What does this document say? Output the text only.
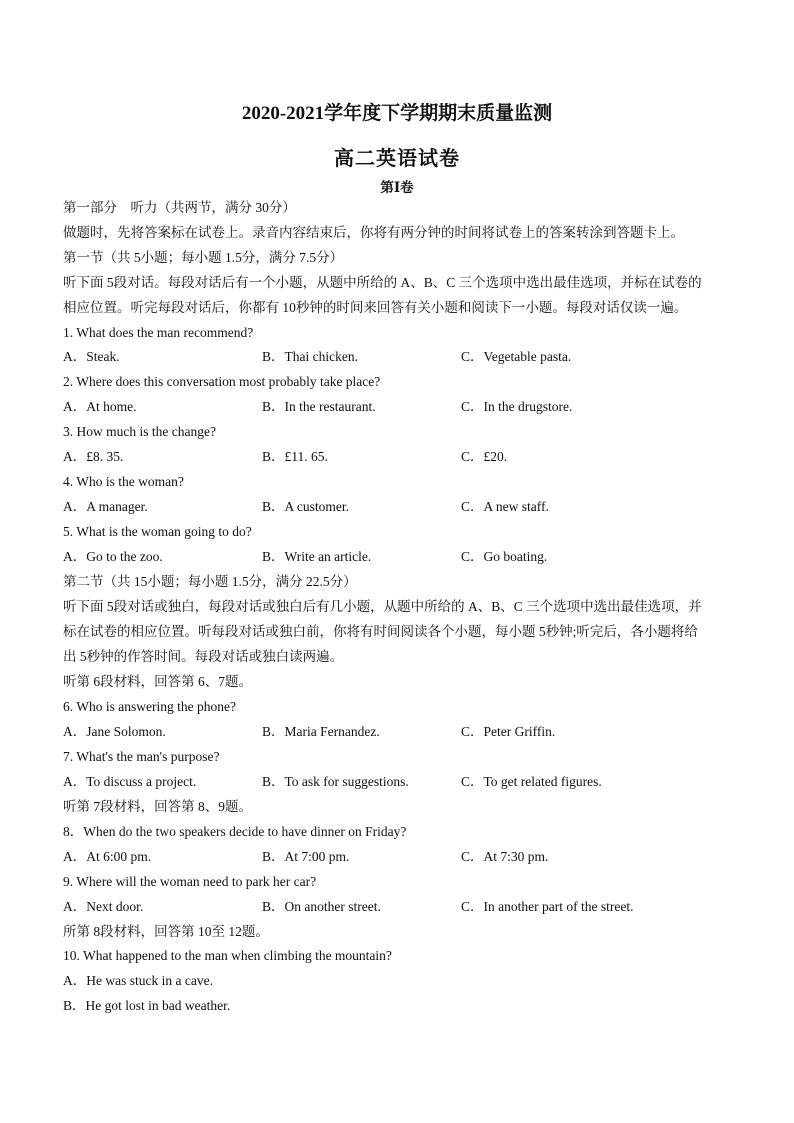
2020-2021学年度下学期期末质量监测
高二英语试卷
第Ⅰ卷
第一部分　听力（共两节，满分 30分）
做题时，先将答案标在试卷上。录音内容结束后，你将有两分钟的时间将试卷上的答案转涂到答题卡上。
第一节（共 5小题；每小题 1.5分，满分 7.5分）
听下面 5段对话。每段对话后有一个小题，从题中所给的 A、B、C 三个选项中选出最佳选项，并标在试卷的
相应位置。听完每段对话后，你都有 10秒钟的时间来回答有关小题和阅读下一小题。每段对话仅读一遍。
1. What does the man recommend?
A．Steak.	B．Thai chicken.	C．Vegetable pasta.
2. Where does this conversation most probably take place?
A．At home.	B．In the restaurant.	C．In the drugstore.
3. How much is the change?
A．£8. 35.	B．£11. 65.	C．£20.
4. Who is the woman?
A．A manager.	B．A customer.	C．A new staff.
5. What is the woman going to do?
A．Go to the zoo.	B．Write an article.	C．Go boating.
第二节（共 15小题；每小题 1.5分，满分 22.5分）
听下面 5段对话或独白，每段对话或独白后有几小题，从题中所给的 A、B、C 三个选项中选出最佳选项，并
标在试卷的相应位置。听每段对话或独白前，你将有时间阅读各个小题，每小题 5秒钟;听完后，各小题将给
出 5秒钟的作答时间。每段对话或独白读两遍。
听第 6段材料，回答第 6、7题。
6. Who is answering the phone?
A．Jane Solomon.	B．Maria Fernandez.	C．Peter Griffin.
7. What's the man's purpose?
A．To discuss a project.	B．To ask for suggestions.	C．To get related figures.
听第 7段材料，回答第 8、9题。
8．When do the two speakers decide to have dinner on Friday?
A．At 6:00 pm.	B．At 7:00 pm.	C．At 7:30 pm.
9. Where will the woman need to park her car?
A．Next door.	B．On another street.	C．In another part of the street.
所第 8段材料，回答第 10至 12题。
10. What happened to the man when climbing the mountain?
A．He was stuck in a cave.
B．He got lost in bad weather.
